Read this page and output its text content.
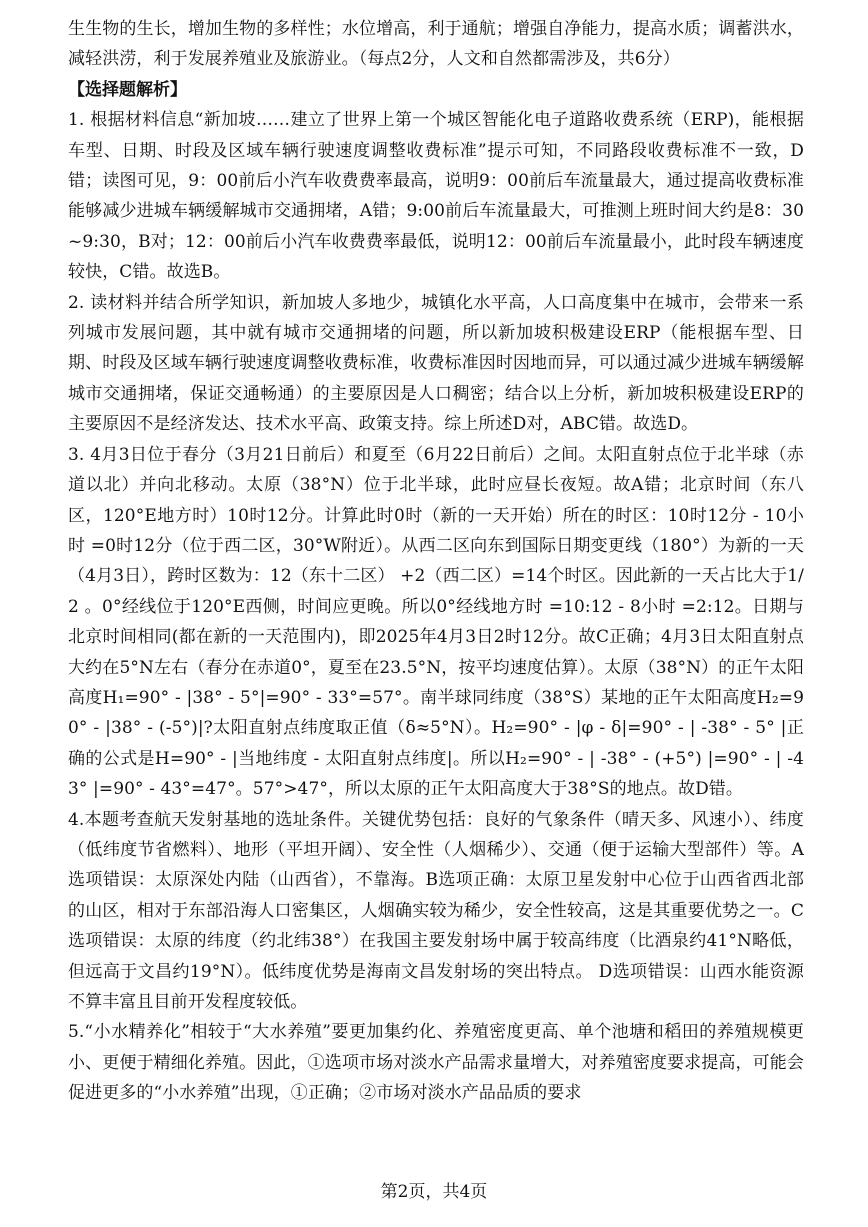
生生物的生长，增加生物的多样性；水位增高，利于通航；增强自净能力，提高水质；调蓄洪水，减轻洪涝，利于发展养殖业及旅游业。（每点2分，人文和自然都需涉及，共6分）

【选择题解析】

1. 根据材料信息“新加坡……建立了世界上第一个城区智能化电子道路收费系统（ERP)，能根据车型、日期、时段及区域车辆行驶速度调整收费标准”提示可知，不同路段收费标准不一致，D错；读图可见，9：00前后小汽车收费费率最高，说明9：00前后车流量最大，通过提高收费标准能够减少进城车辆缓解城市交通拥堵，A错；9:00前后车流量最大，可推测上班时间大约是8：30~9:30，B对；12：00前后小汽车收费费率最低，说明12：00前后车流量最小，此时段车辆速度较快，C错。故选B。

2. 读材料并结合所学知识，新加坡人多地少，城镇化水平高，人口高度集中在城市，会带来一系列城市发展问题，其中就有城市交通拥堵的问题，所以新加坡积极建设ERP（能根据车型、日期、时段及区域车辆行驶速度调整收费标准，收费标准因时因地而异，可以通过减少进城车辆缓解城市交通拥堵，保证交通畅通）的主要原因是人口稠密；结合以上分析，新加坡积极建设ERP的主要原因不是经济发达、技术水平高、政策支持。综上所述D对，ABC错。故选D。

3. 4月3日位于春分（3月21日前后）和夏至（6月22日前后）之间。太阳直射点位于北半球（赤道以北）并向北移动。太原（38°N）位于北半球，此时应昼长夜短。故A错；北京时间（东八区，120°E地方时）10时12分。计算此时0时（新的一天开始）所在的时区：10时12分 - 10小时 =0时12分（位于西二区，30°W附近）。从西二区向东到国际日期变更线（180°）为新的一天（4月3日），跨时区数为：12（东十二区） +2（西二区）=14个时区。因此新的一天占比大于1/2 。0°经线位于120°E西侧，时间应更晚。所以0°经线地方时 =10:12 - 8小时 =2:12。日期与北京时间相同(都在新的一天范围内)，即2025年4月3日2时12分。故C正确；4月3日太阳直射点大约在5°N左右（春分在赤道0°，夏至在23.5°N，按平均速度估算）。太原（38°N）的正午太阳高度H₁=90° - |38° - 5°|=90° - 33°=57°。南半球同纬度（38°S）某地的正午太阳高度H₂=90° - |38° - (-5°)|?太阳直射点纬度取正值（δ≈5°N）。H₂=90° - |φ - δ|=90° - | -38° - 5° |正确的公式是H=90° - |当地纬度 - 太阳直射点纬度|。所以H₂=90° - | -38° - (+5°) |=90° - | -43° |=90° - 43°=47°。57°>47°，所以太原的正午太阳高度大于38°S的地点。故D错。

4.本题考查航天发射基地的选址条件。关键优势包括：良好的气象条件（晴天多、风速小）、纬度（低纬度节省燃料）、地形（平坦开阔）、安全性（人烟稀少）、交通（便于运输大型部件）等。A选项错误：太原深处内陆（山西省），不靠海。B选项正确：太原卫星发射中心位于山西省西北部的山区，相对于东部沿海人口密集区，人烟确实较为稀少，安全性较高，这是其重要优势之一。C选项错误：太原的纬度（约北纬38°）在我国主要发射场中属于较高纬度（比酒泉约41°N略低，但远高于文昌约19°N）。低纬度优势是海南文昌发射场的突出特点。 D选项错误：山西水能资源不算丰富且目前开发程度较低。

5.“小水精养化”相较于“大水养殖”要更加集约化、养殖密度更高、单个池塘和稻田的养殖规模更小、更便于精细化养殖。因此，①选项市场对淡水产品需求量增大，对养殖密度要求提高，可能会促进更多的“小水养殖”出现，①正确；②市场对淡水产品品质的要求

第2页，共4页
